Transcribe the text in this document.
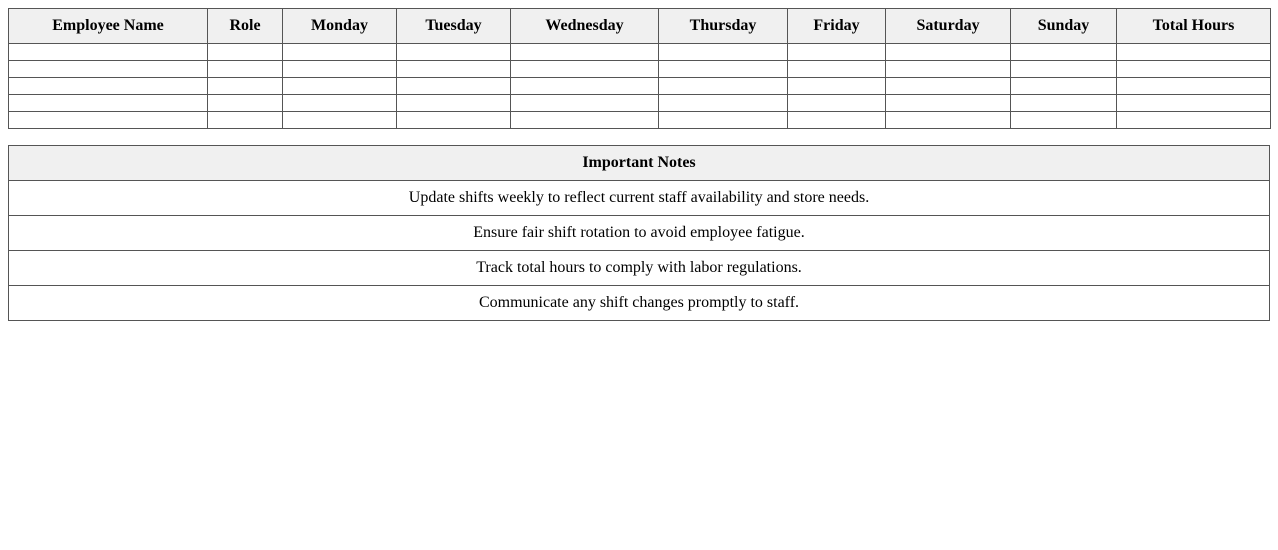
Employee Name	Role	Monday	Tuesday	Wednesday	Thursday	Friday	Saturday	Sunday	Total Hours

Important Notes
Update shifts weekly to reflect current staff availability and store needs.
Ensure fair shift rotation to avoid employee fatigue.
Track total hours to comply with labor regulations.
Communicate any shift changes promptly to staff.
